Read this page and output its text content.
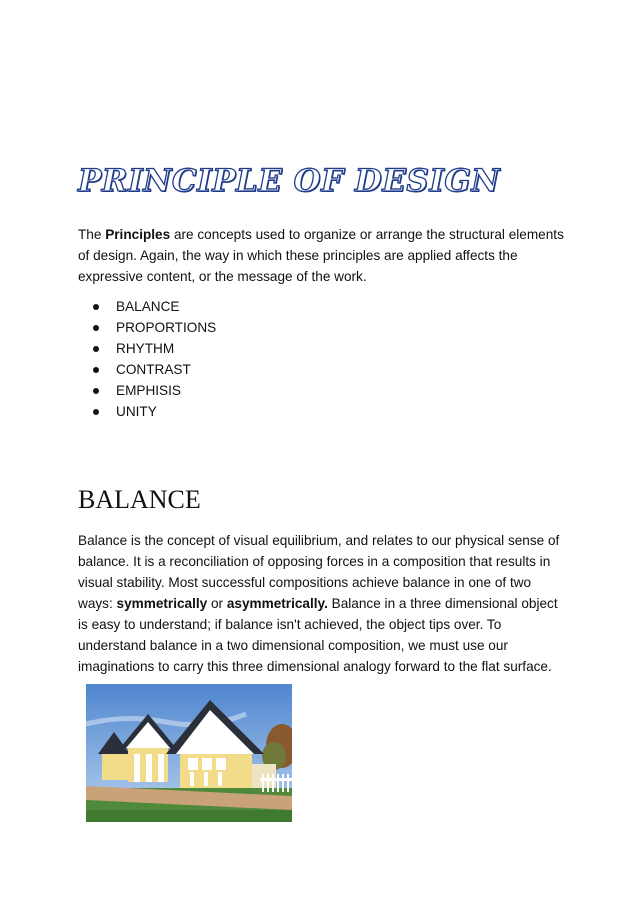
PRINCIPLE OF DESIGN
The Principles are concepts used to organize or arrange the structural elements of design. Again, the way in which these principles are applied affects the expressive content, or the message of the work.
BALANCE
PROPORTIONS
RHYTHM
CONTRAST
EMPHISIS
UNITY
BALANCE
Balance is the concept of visual equilibrium, and relates to our physical sense of balance. It is a reconciliation of opposing forces in a composition that results in visual stability. Most successful compositions achieve balance in one of two ways: symmetrically or asymmetrically. Balance in a three dimensional object is easy to understand; if balance isn't achieved, the object tips over. To understand balance in a two dimensional composition, we must use our imaginations to carry this three dimensional analogy forward to the flat surface.
